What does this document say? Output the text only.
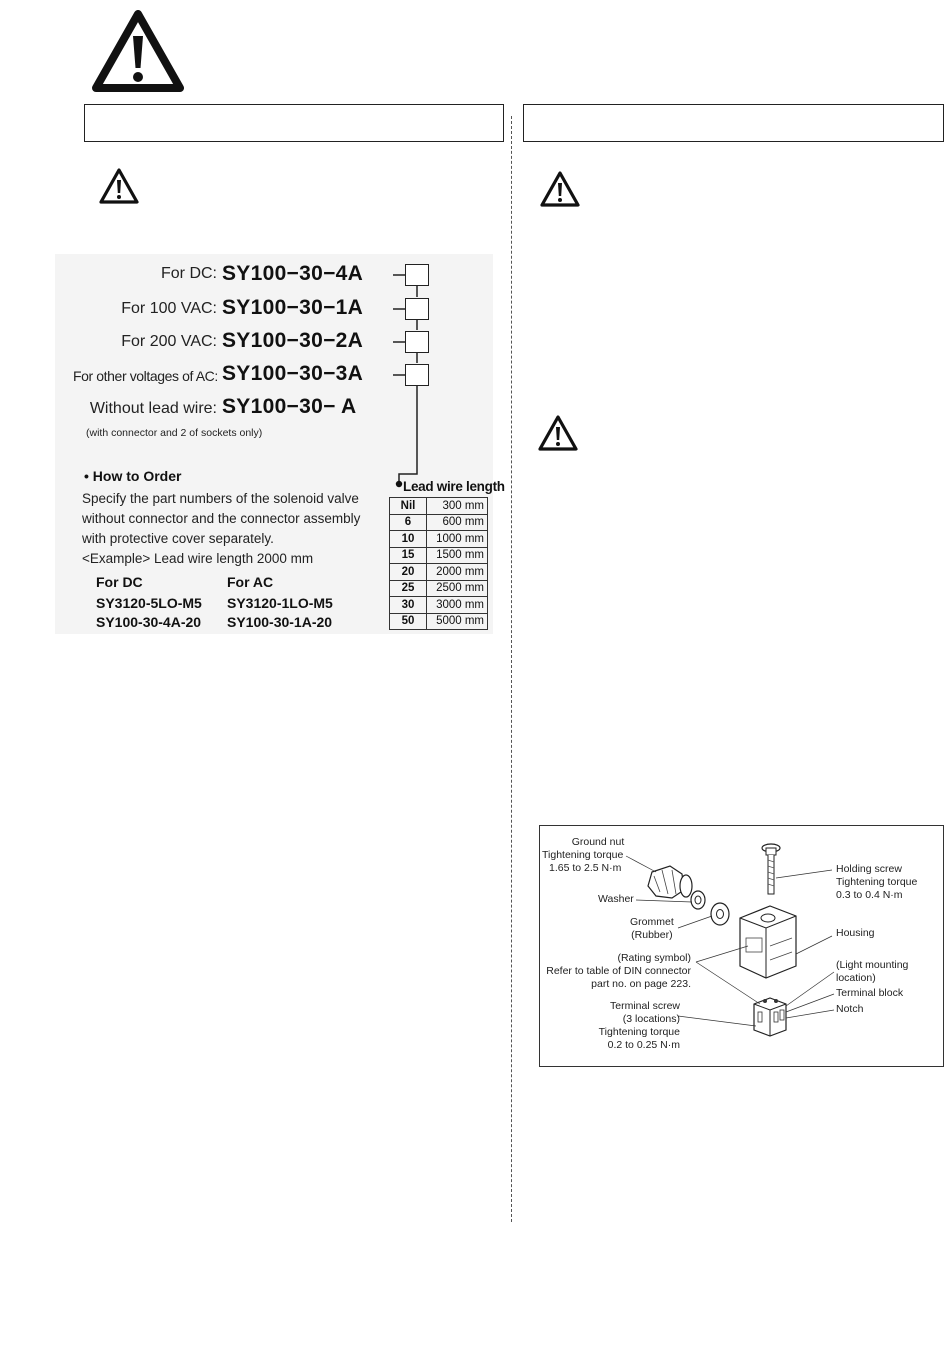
For DC: SY100−30−4A
For 100 VAC: SY100−30−1A
For 200 VAC: SY100−30−2A
For other voltages of AC: SY100−30−3A
Without lead wire: SY100−30− A
(with connector and 2 of sockets only)
• How to Order
Specify the part numbers of the solenoid valve
without connector and the connector assembly
with protective cover separately.
<Example> Lead wire length 2000 mm
For DC	For AC
SY3120-5LO-M5 SY3120-1LO-M5
SY100-30-4A-20 SY100-30-1A-20
Lead wire length
Nil	300 mm
6	600 mm
10	1000 mm
15	1500 mm
20	2000 mm
25	2500 mm
30	3000 mm
50	5000 mm
Ground nut
Tightening torque
1.65 to 2.5 N·m
Washer
Grommet
(Rubber)
(Rating symbol)
Refer to table of DIN connector
part no. on page 223.
Terminal screw
(3 locations)
Tightening torque
0.2 to 0.25 N·m
Holding screw
Tightening torque
0.3 to 0.4 N·m
Housing
(Light mounting
location)
Terminal block
Notch
